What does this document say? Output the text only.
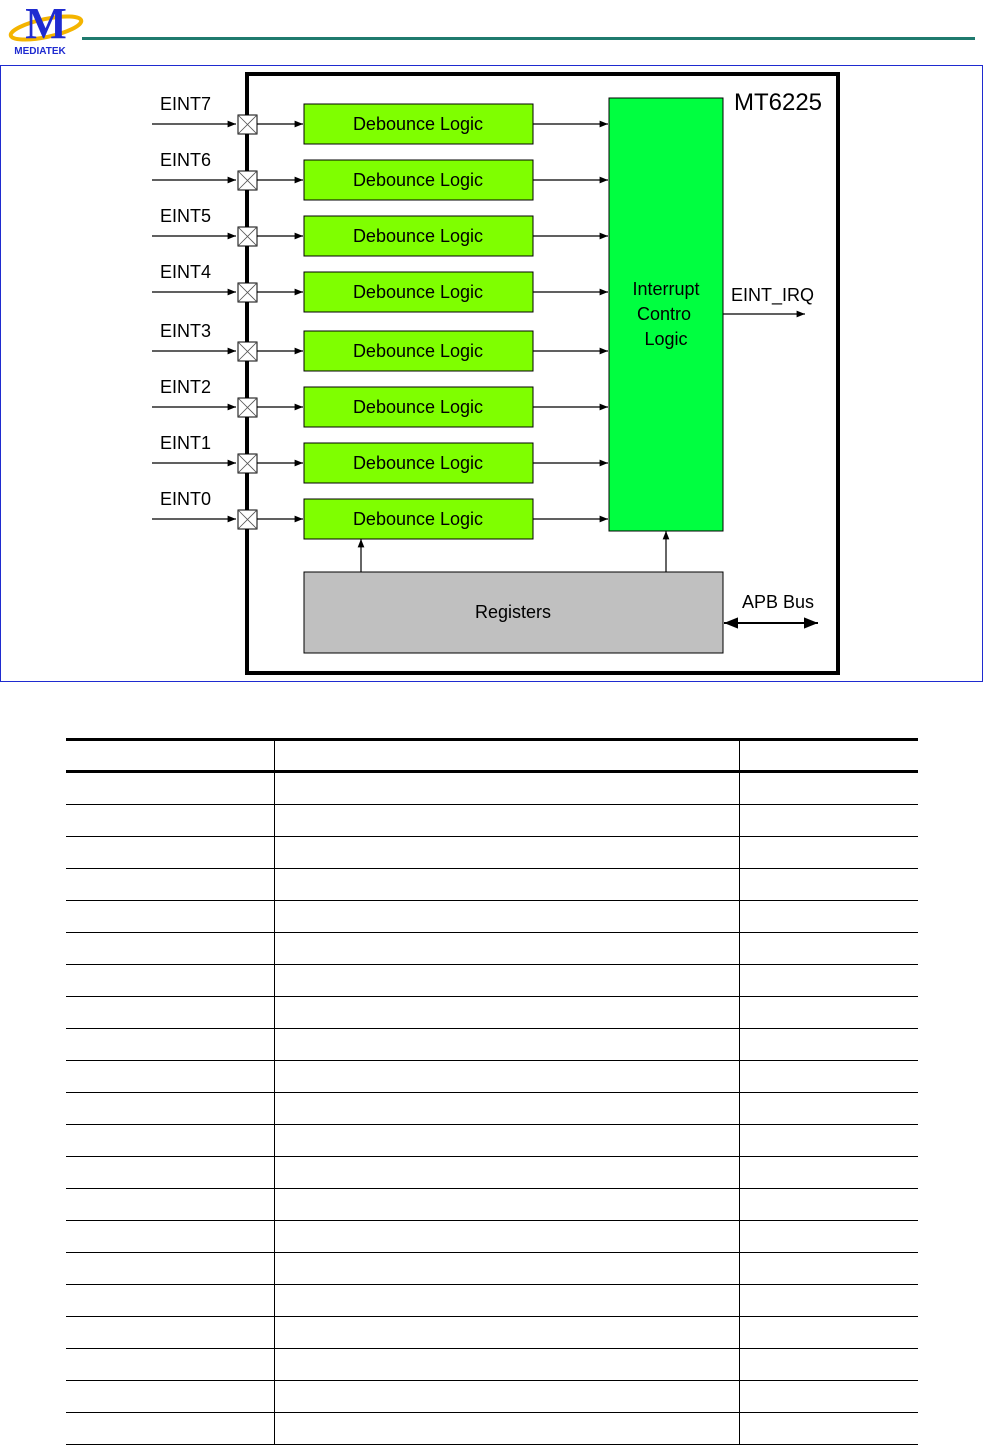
M
MEDIATEK
MT6225
EINT7
Debounce Logic
EINT6
Debounce Logic
EINT5
Debounce Logic
EINT4
Debounce Logic
EINT3
Debounce Logic
EINT2
Debounce Logic
EINT1
Debounce Logic
EINT0
Debounce Logic
Interrupt
Contro
Logic
EINT_IRQ
Registers	APB Bus
